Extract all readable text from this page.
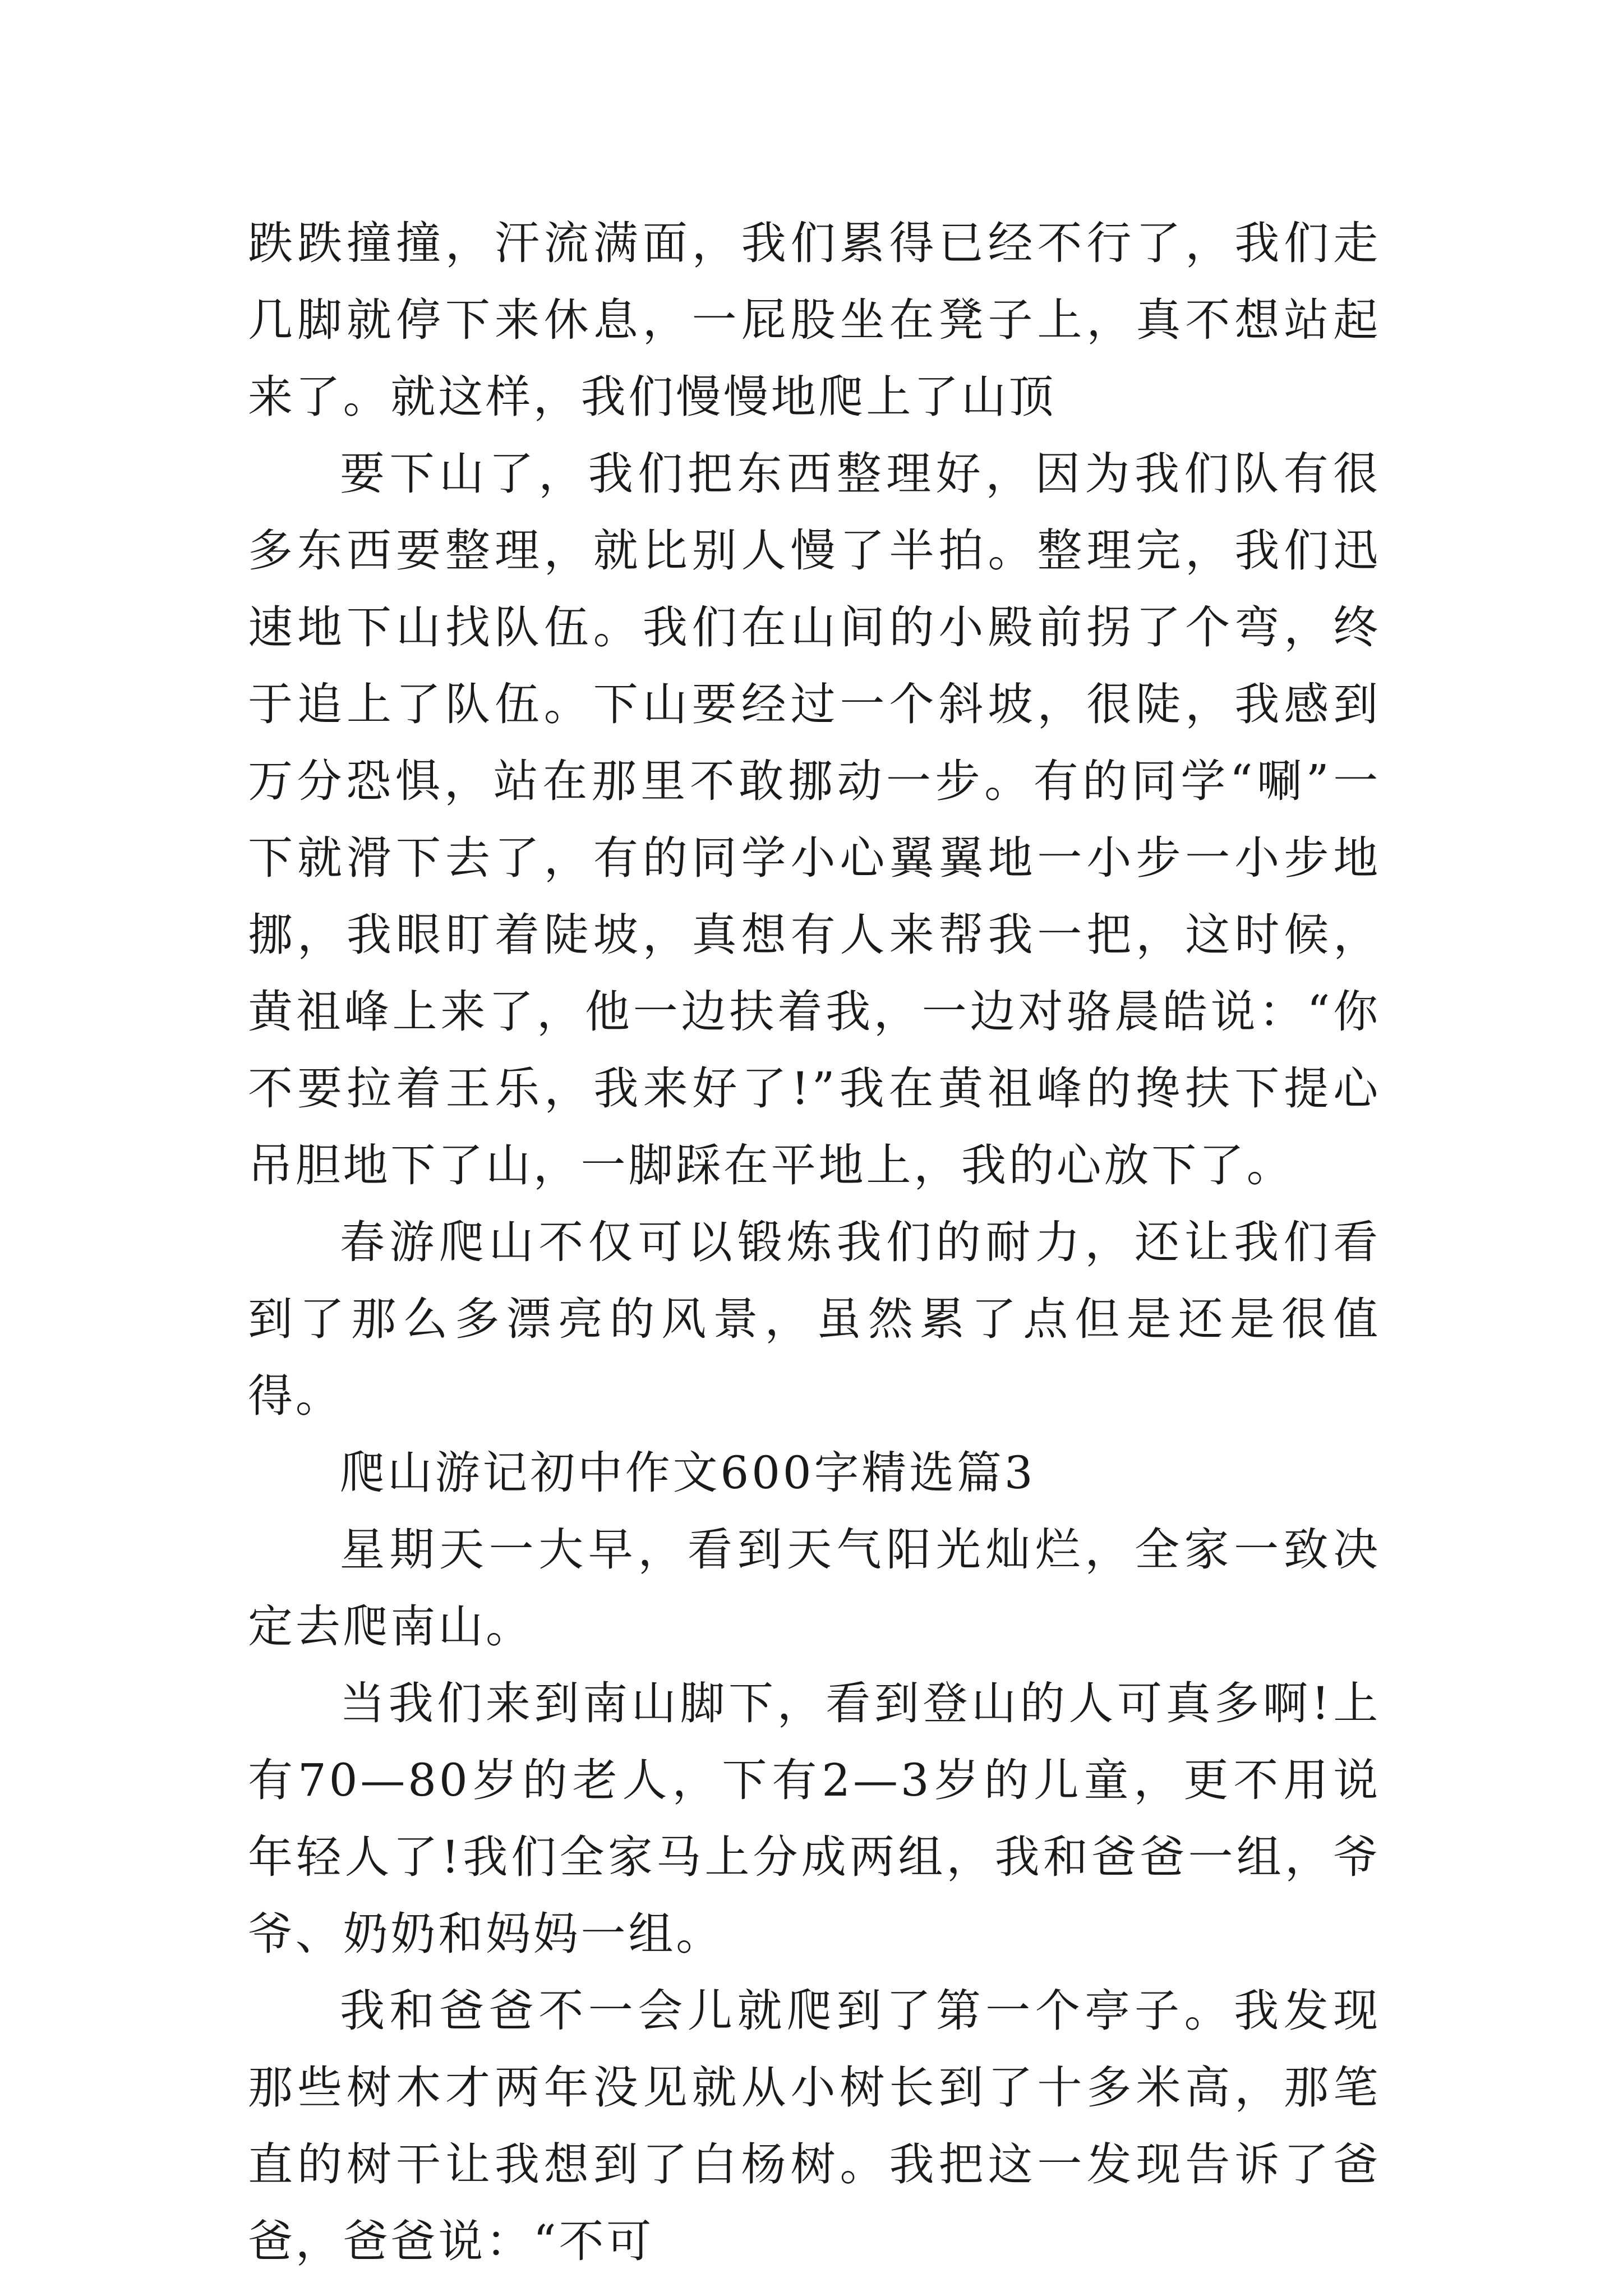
跌跌撞撞，汗流满面，我们累得已经不行了，我们走几脚就停下来休息，一屁股坐在凳子上，真不想站起来了。就这样，我们慢慢地爬上了山顶

要下山了，我们把东西整理好，因为我们队有很多东西要整理，就比别人慢了半拍。整理完，我们迅速地下山找队伍。我们在山间的小殿前拐了个弯，终于追上了队伍。下山要经过一个斜坡，很陡，我感到万分恐惧，站在那里不敢挪动一步。有的同学“唰”一下就滑下去了，有的同学小心翼翼地一小步一小步地挪，我眼盯着陡坡，真想有人来帮我一把，这时候，黄祖峰上来了，他一边扶着我，一边对骆晨皓说：“你不要拉着王乐，我来好了!”我在黄祖峰的搀扶下提心吊胆地下了山，一脚踩在平地上，我的心放下了。

春游爬山不仅可以锻炼我们的耐力，还让我们看到了那么多漂亮的风景，虽然累了点但是还是很值得。

爬山游记初中作文600字精选篇3

星期天一大早，看到天气阳光灿烂，全家一致决定去爬南山。

当我们来到南山脚下，看到登山的人可真多啊!上有70—80岁的老人，下有2—3岁的儿童，更不用说年轻人了!我们全家马上分成两组，我和爸爸一组，爷爷、奶奶和妈妈一组。

我和爸爸不一会儿就爬到了第一个亭子。我发现那些树木才两年没见就从小树长到了十多米高，那笔直的树干让我想到了白杨树。我把这一发现告诉了爸爸，爸爸说：“不可
